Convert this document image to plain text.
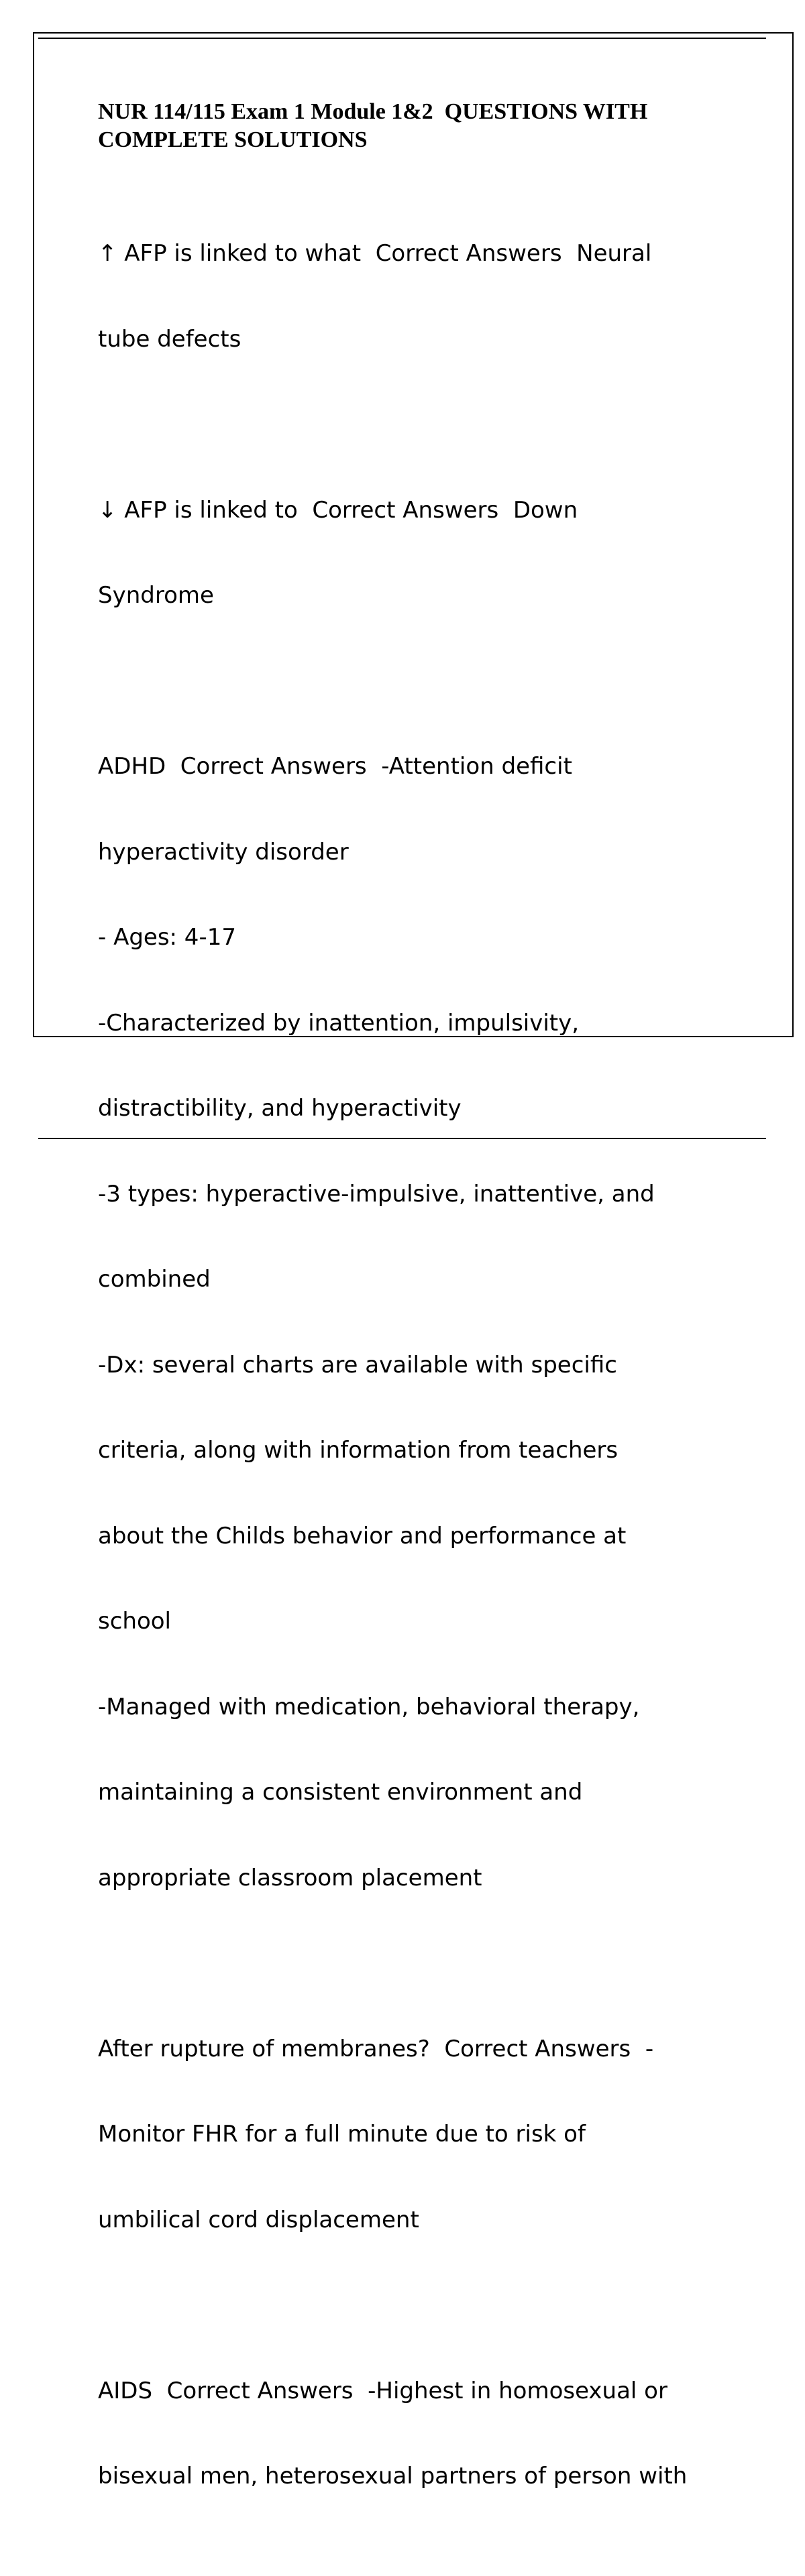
NUR 114/115 Exam 1 Module 1&2  QUESTIONS WITH
COMPLETE SOLUTIONS

↑ AFP is linked to what  Correct Answers  Neural

tube defects

↓ AFP is linked to  Correct Answers  Down

Syndrome

ADHD  Correct Answers  -Attention deficit

hyperactivity disorder

- Ages: 4-17

-Characterized by inattention, impulsivity,

distractibility, and hyperactivity

-3 types: hyperactive-impulsive, inattentive, and

combined

-Dx: several charts are available with specific

criteria, along with information from teachers

about the Childs behavior and performance at

school

-Managed with medication, behavioral therapy,

maintaining a consistent environment and

appropriate classroom placement

After rupture of membranes?  Correct Answers  -

Monitor FHR for a full minute due to risk of

umbilical cord displacement

AIDS  Correct Answers  -Highest in homosexual or

bisexual men, heterosexual partners of person with
